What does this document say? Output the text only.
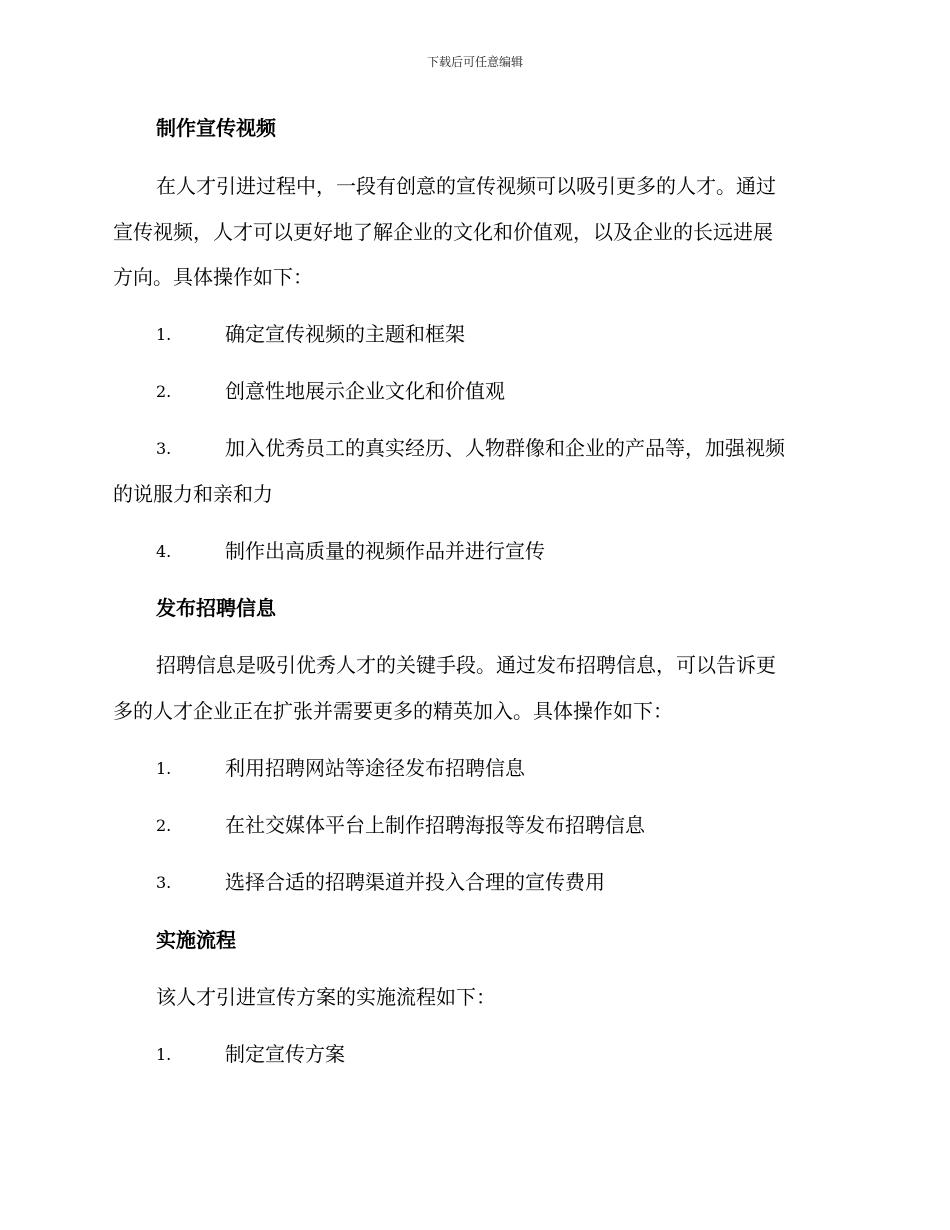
下载后可任意编辑
制作宣传视频
在人才引进过程中，一段有创意的宣传视频可以吸引更多的人才。通过
宣传视频，人才可以更好地了解企业的文化和价值观，以及企业的长远进展
方向。具体操作如下：
1.	确定宣传视频的主题和框架
2.	创意性地展示企业文化和价值观
3.	加入优秀员工的真实经历、人物群像和企业的产品等，加强视频
的说服力和亲和力
4.	制作出高质量的视频作品并进行宣传
发布招聘信息
招聘信息是吸引优秀人才的关键手段。通过发布招聘信息，可以告诉更
多的人才企业正在扩张并需要更多的精英加入。具体操作如下：
1.	利用招聘网站等途径发布招聘信息
2.	在社交媒体平台上制作招聘海报等发布招聘信息
3.	选择合适的招聘渠道并投入合理的宣传费用
实施流程
该人才引进宣传方案的实施流程如下：
1.	制定宣传方案
